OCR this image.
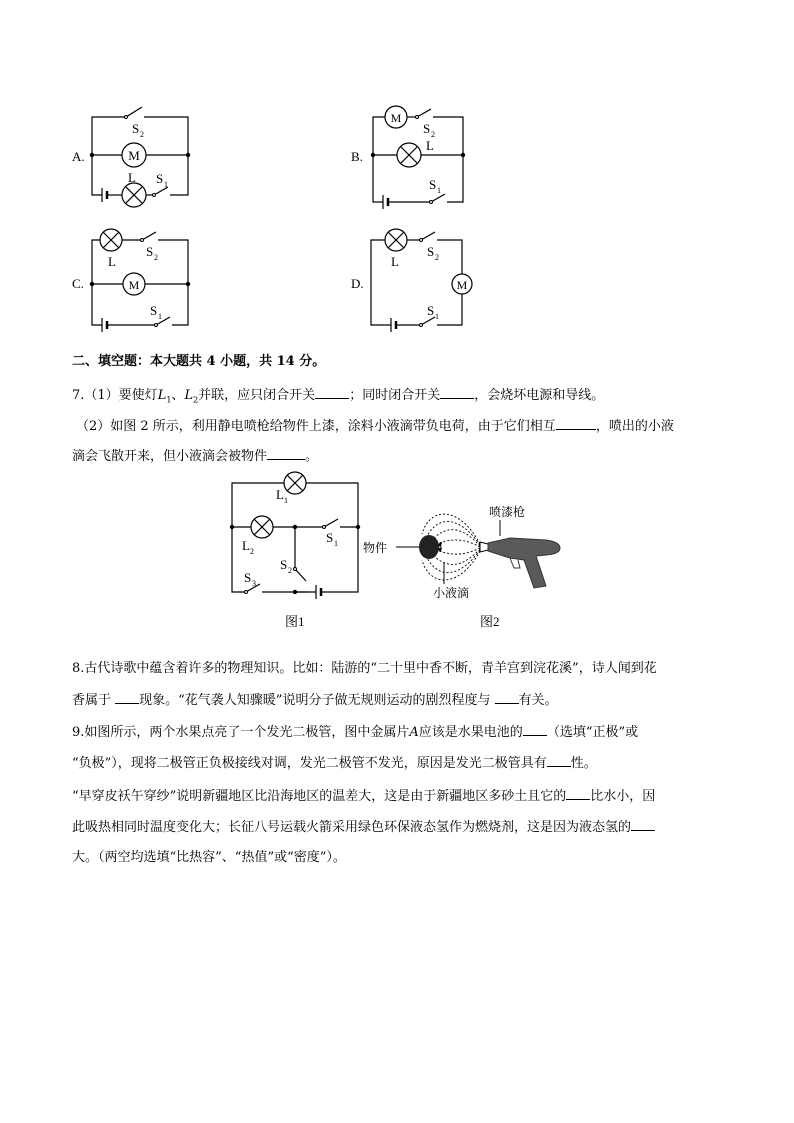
M
L
S 2
S 1
A.
M
L
S 2
S 1
B.
M
L
S 2
S 1
C.	M
L
S 2
S 1
D.
二、填空题：本大题共 4 小题，共 14 分。
7.（1）要使灯$L_1$、$L_2$并联，应只闭合开关	；同时闭合开关	，会烧坏电源和导线。
（2）如图 2 所示，利用静电喷枪给物件上漆，涂料小液滴带负电荷，由于它们相互	，喷出的小液
滴会飞散开来，但小液滴会被物件	。
L 1
L 2
S 1
S 2
S 3
图1
喷漆枪
物件
小液滴
图2
8.古代诗歌中蕴含着许多的物理知识。比如：陆游的“二十里中香不断，青羊宫到浣花溪”，诗人闻到花
香属于 现象。“花气袭人知骤暖”说明分子做无规则运动的剧烈程度与 有关。
9.如图所示，两个水果点亮了一个发光二极管，图中金属片A应该是水果电池的 （选填“正极”或
“负极”），现将二极管正负极接线对调，发光二极管不发光，原因是发光二极管具有 性。
“早穿皮袄午穿纱”说明新疆地区比沿海地区的温差大，这是由于新疆地区多砂土且它的 比水小，因
此吸热相同时温度变化大；长征八号运载火箭采用绿色环保液态氢作为燃烧剂，这是因为液态氢的
大。（两空均选填“比热容”、“热值”或“密度”）。
